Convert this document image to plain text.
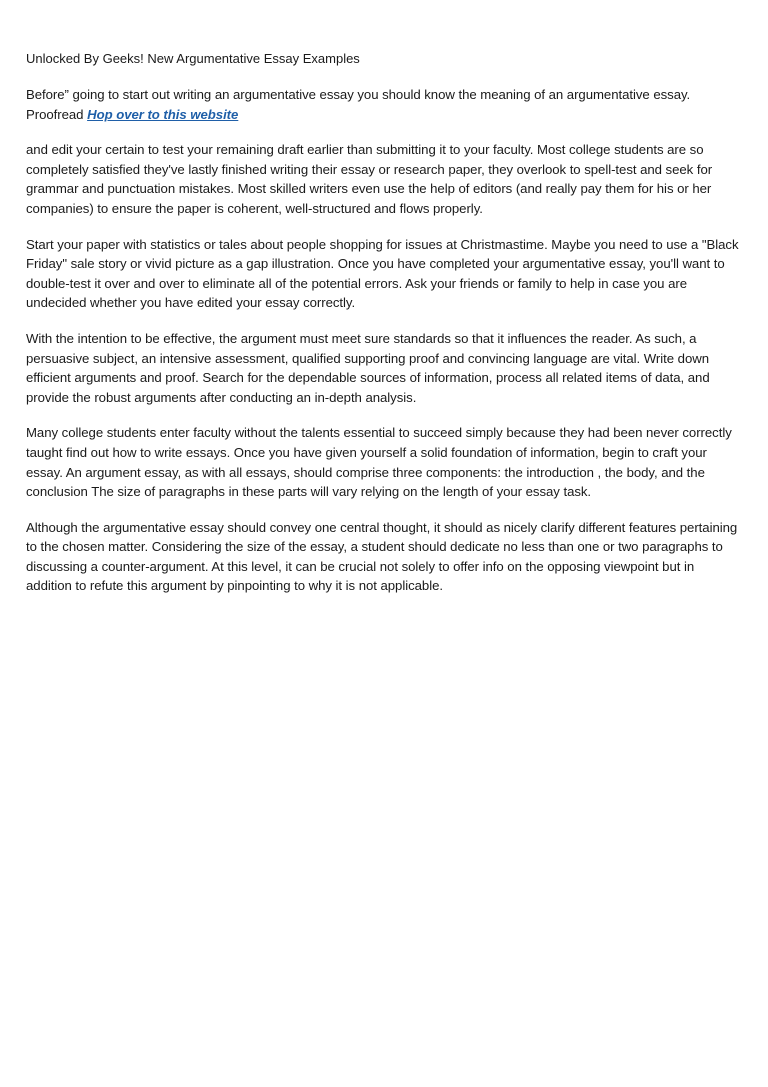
Unlocked By Geeks! New Argumentative Essay Examples

Before” going to start out writing an argumentative essay you should know the meaning of an argumentative essay. Proofread Hop over to this website

and edit your certain to test your remaining draft earlier than submitting it to your faculty. Most college students are so completely satisfied they've lastly finished writing their essay or research paper, they overlook to spell-test and seek for grammar and punctuation mistakes. Most skilled writers even use the help of editors (and really pay them for his or her companies) to ensure the paper is coherent, well-structured and flows properly.

Start your paper with statistics or tales about people shopping for issues at Christmastime. Maybe you need to use a "Black Friday" sale story or vivid picture as a gap illustration. Once you have completed your argumentative essay, you'll want to double-test it over and over to eliminate all of the potential errors. Ask your friends or family to help in case you are undecided whether you have edited your essay correctly.

With the intention to be effective, the argument must meet sure standards so that it influences the reader. As such, a persuasive subject, an intensive assessment, qualified supporting proof and convincing language are vital. Write down efficient arguments and proof. Search for the dependable sources of information, process all related items of data, and provide the robust arguments after conducting an in-depth analysis.

Many college students enter faculty without the talents essential to succeed simply because they had been never correctly taught find out how to write essays. Once you have given yourself a solid foundation of information, begin to craft your essay. An argument essay, as with all essays, should comprise three components: the introduction , the body, and the conclusion The size of paragraphs in these parts will vary relying on the length of your essay task.

Although the argumentative essay should convey one central thought, it should as nicely clarify different features pertaining to the chosen matter. Considering the size of the essay, a student should dedicate no less than one or two paragraphs to discussing a counter-argument. At this level, it can be crucial not solely to offer info on the opposing viewpoint but in addition to refute this argument by pinpointing to why it is not applicable.
